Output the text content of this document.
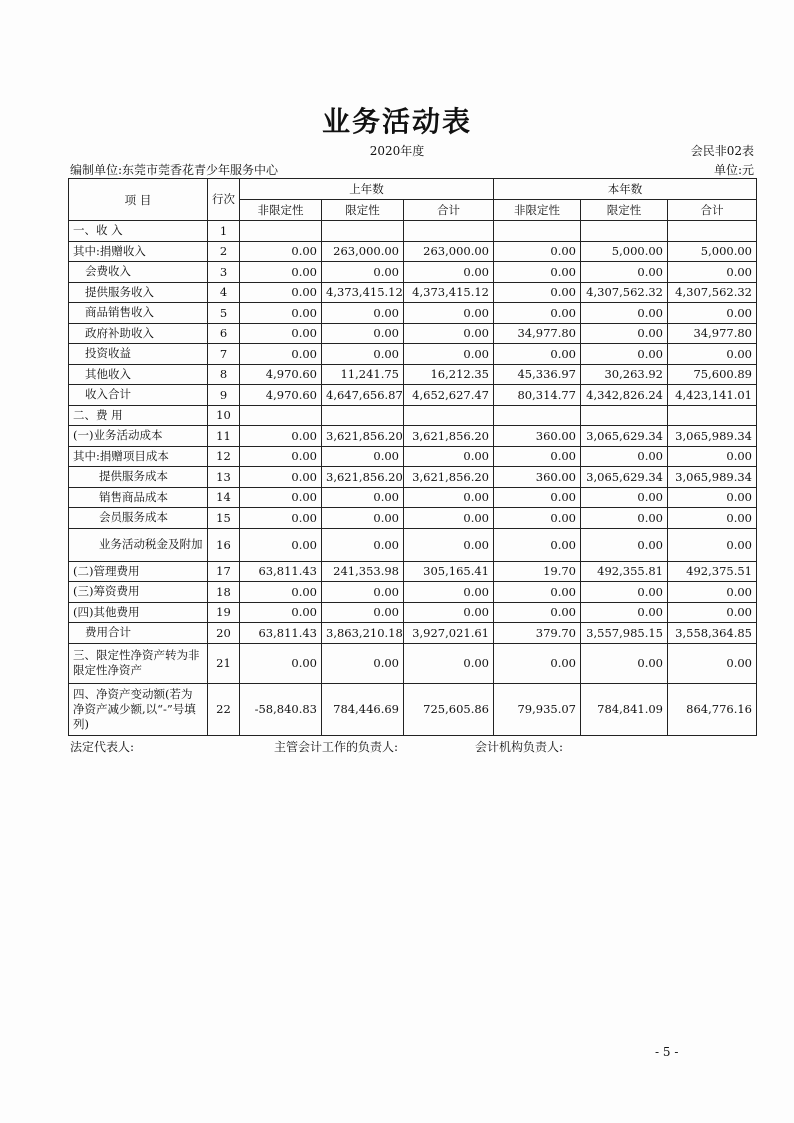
业务活动表
2020年度	会民非02表
编制单位:东莞市莞香花青少年服务中心	单位:元
项 目	行次	上年数			本年数		
		非限定性	限定性	合计	非限定性	限定性	合计
一、收 入	1						
其中:捐赠收入	2	0.00	263,000.00	263,000.00	0.00	5,000.00	5,000.00
会费收入	3	0.00	0.00	0.00	0.00	0.00	0.00
提供服务收入	4	0.00	4,373,415.12	4,373,415.12	0.00	4,307,562.32	4,307,562.32
商品销售收入	5	0.00	0.00	0.00	0.00	0.00	0.00
政府补助收入	6	0.00	0.00	0.00	34,977.80	0.00	34,977.80
投资收益	7	0.00	0.00	0.00	0.00	0.00	0.00
其他收入	8	4,970.60	11,241.75	16,212.35	45,336.97	30,263.92	75,600.89
收入合计	9	4,970.60	4,647,656.87	4,652,627.47	80,314.77	4,342,826.24	4,423,141.01
二、费 用	10						
(一)业务活动成本	11	0.00	3,621,856.20	3,621,856.20	360.00	3,065,629.34	3,065,989.34
其中:捐赠项目成本	12	0.00	0.00	0.00	0.00	0.00	0.00
提供服务成本	13	0.00	3,621,856.20	3,621,856.20	360.00	3,065,629.34	3,065,989.34
销售商品成本	14	0.00	0.00	0.00	0.00	0.00	0.00
会员服务成本	15	0.00	0.00	0.00	0.00	0.00	0.00
业务活动税金及附加	16	0.00	0.00	0.00	0.00	0.00	0.00
(二)管理费用	17	63,811.43	241,353.98	305,165.41	19.70	492,355.81	492,375.51
(三)筹资费用	18	0.00	0.00	0.00	0.00	0.00	0.00
(四)其他费用	19	0.00	0.00	0.00	0.00	0.00	0.00
费用合计	20	63,811.43	3,863,210.18	3,927,021.61	379.70	3,557,985.15	3,558,364.85
三、限定性净资产转为非限定性净资产	21	0.00	0.00	0.00	0.00	0.00	0.00
四、净资产变动额(若为净资产减少额,以“-”号填列)	22	-58,840.83	784,446.69	725,605.86	79,935.07	784,841.09	864,776.16
法定代表人:	主管会计工作的负责人:	会计机构负责人:
- 5 -
